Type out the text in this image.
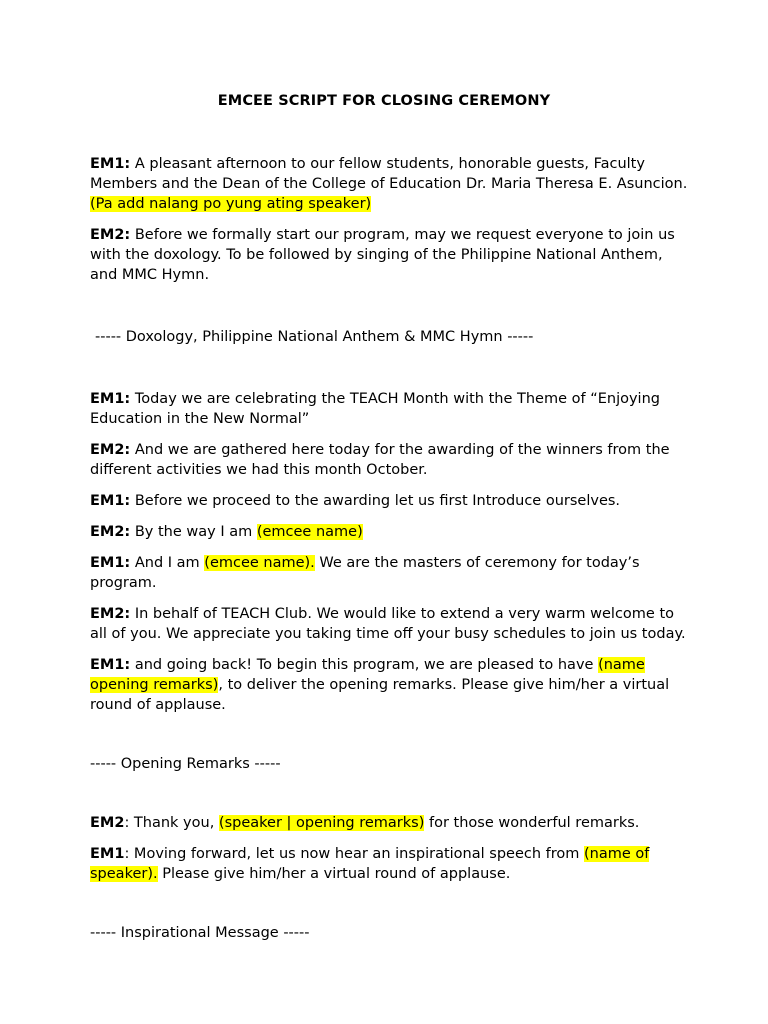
EMCEE SCRIPT FOR CLOSING CEREMONY

EM1: A pleasant afternoon to our fellow students, honorable guests, Faculty Members and the Dean of the College of Education Dr. Maria Theresa E. Asuncion. (Pa add nalang po yung ating speaker)

EM2: Before we formally start our program, may we request everyone to join us with the doxology. To be followed by singing of the Philippine National Anthem, and MMC Hymn.

----- Doxology, Philippine National Anthem & MMC Hymn -----

EM1: Today we are celebrating the TEACH Month with the Theme of “Enjoying Education in the New Normal”

EM2: And we are gathered here today for the awarding of the winners from the different activities we had this month October.

EM1: Before we proceed to the awarding let us first Introduce ourselves.

EM2: By the way I am (emcee name)

EM1: And I am (emcee name). We are the masters of ceremony for today’s program.

EM2: In behalf of TEACH Club. We would like to extend a very warm welcome to all of you. We appreciate you taking time off your busy schedules to join us today.

EM1: and going back! To begin this program, we are pleased to have (name opening remarks), to deliver the opening remarks. Please give him/her a virtual round of applause.

----- Opening Remarks -----

EM2: Thank you, (speaker | opening remarks) for those wonderful remarks.

EM1: Moving forward, let us now hear an inspirational speech from (name of speaker). Please give him/her a virtual round of applause.

----- Inspirational Message -----
